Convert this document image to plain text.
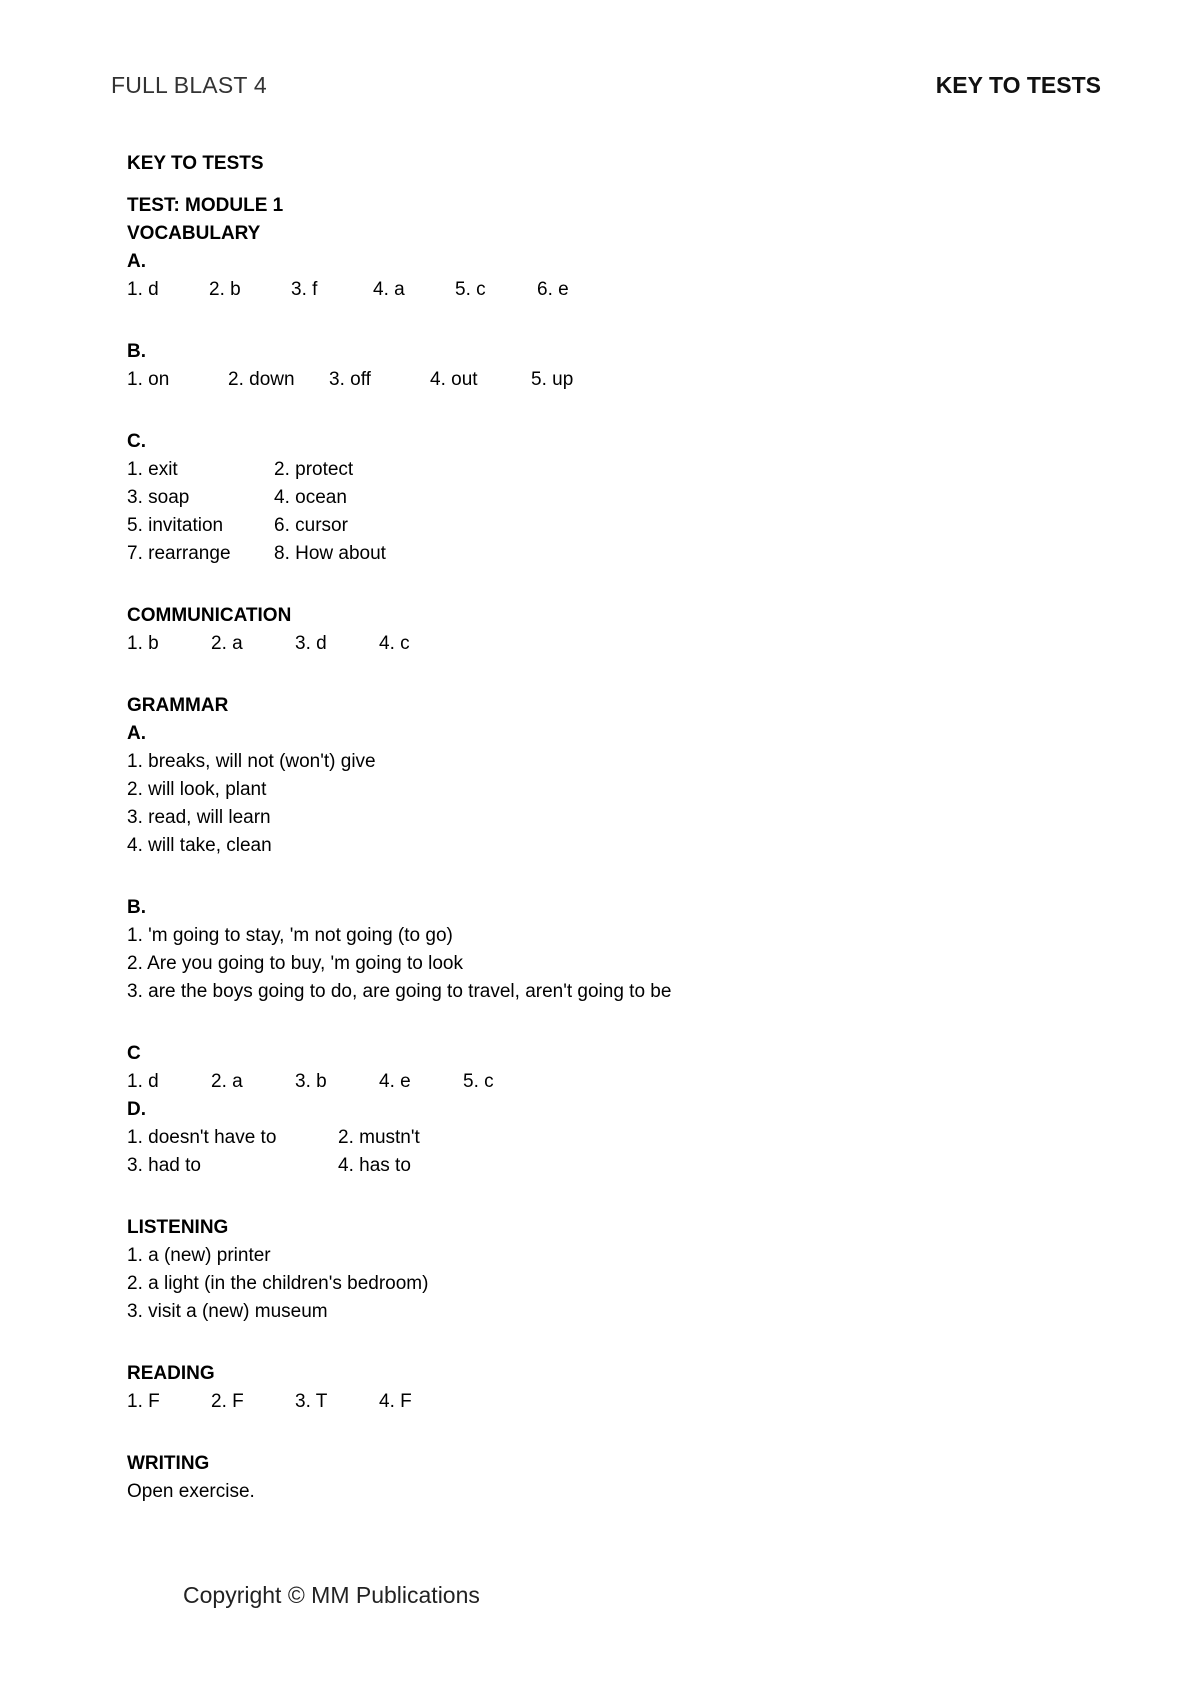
FULL BLAST 4	KEY TO TESTS
KEY TO TESTS
TEST: MODULE 1
VOCABULARY
A.
1. d	2. b	3. f	4. a	5. c	6. e
B.
1. on	2. down	3. off	4. out	5. up
C.
1. exit	2. protect
3. soap	4. ocean
5. invitation	6. cursor
7. rearrange	8. How about
COMMUNICATION
1. b	2. a	3. d	4. c
GRAMMAR
A.
1. breaks, will not (won't) give
2. will look, plant
3. read, will learn
4. will take, clean
B.
1. 'm going to stay, 'm not going (to go)
2. Are you going to buy, 'm going to look
3. are the boys going to do, are going to travel, aren't going to be
C
1. d	2. a	3. b	4. e	5. c
D.
1. doesn't have to	2. mustn't
3. had to	4. has to
LISTENING
1. a (new) printer
2. a light (in the children's bedroom)
3. visit a (new) museum
READING
1. F	2. F	3. T	4. F
WRITING
Open exercise.
Copyright © MM Publications
